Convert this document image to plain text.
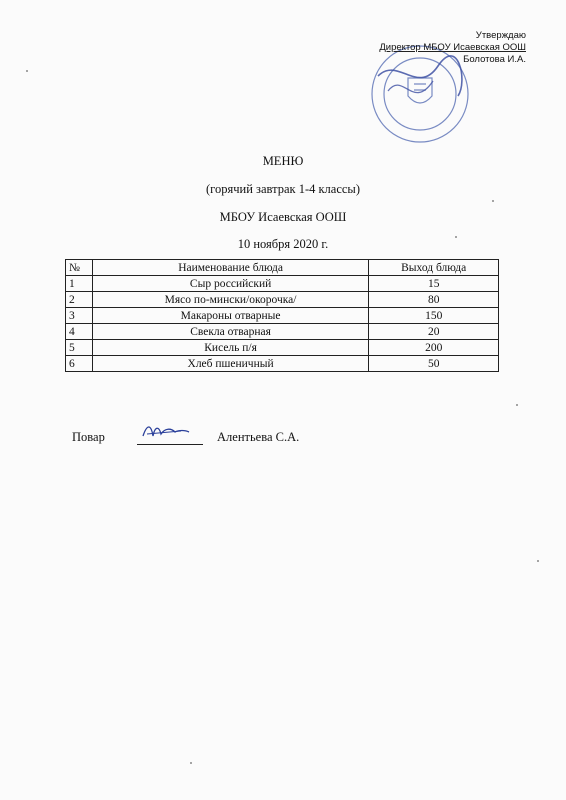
Утверждаю
Директор МБОУ Исаевская ООШ
Болотова И.А.
МЕНЮ
(горячий завтрак 1-4 классы)
МБОУ Исаевская ООШ
10 ноября 2020 г.
№	Наименование блюда	Выход блюда
1	Сыр российский	15
2	Мясо по-мински/окорочка/	80
3	Макароны отварные	150
4	Свекла отварная	20
5	Кисель п/я	200
6	Хлеб пшеничный	50
Повар	Алентьева С.А.
